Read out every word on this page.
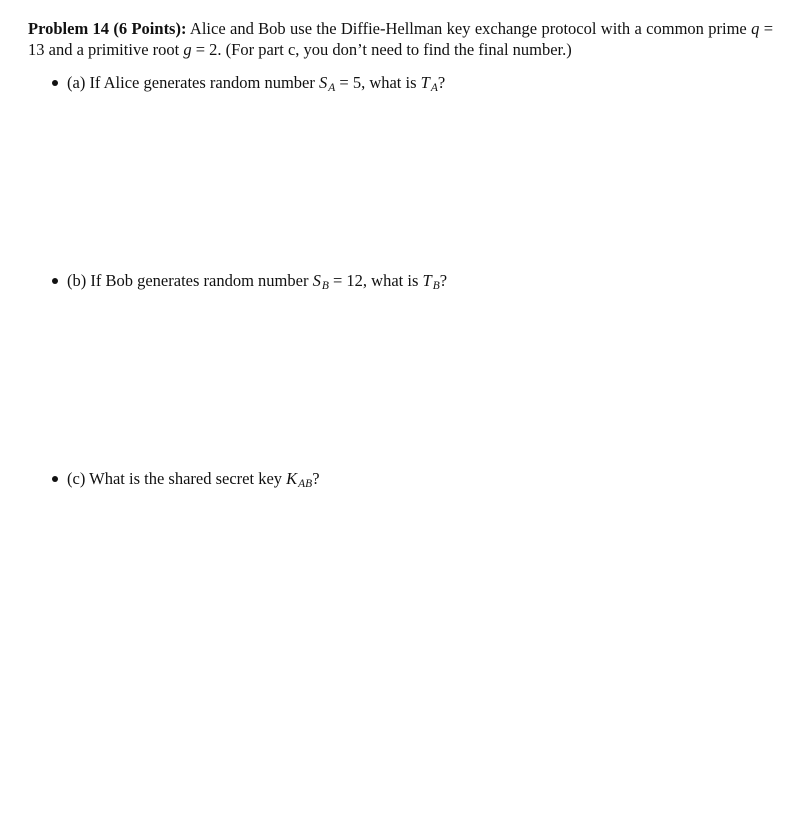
Problem 14 (6 Points): Alice and Bob use the Diffie-Hellman key exchange protocol with a common prime q = 13 and a primitive root g = 2. (For part c, you don’t need to find the final number.)
(a) If Alice generates random number $S_A = 5$, what is $T_A$?
(b) If Bob generates random number $S_B = 12$, what is $T_B$?
(c) What is the shared secret key $K_{AB}$?
